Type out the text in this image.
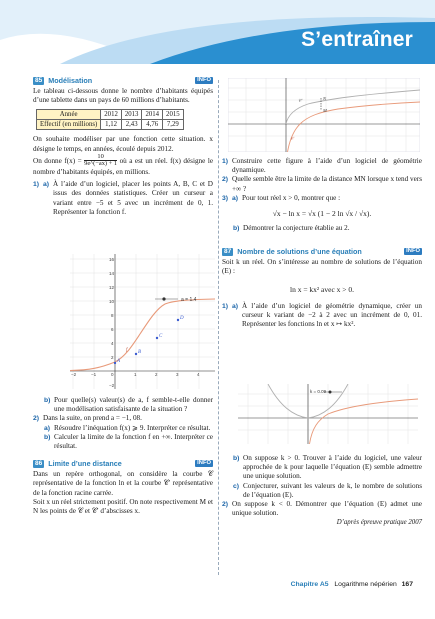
S’entraîner
85 Modélisation	INFO

Le tableau ci-dessous donne le nombre d’habitants équipés d’une tablette dans un pays de 60 millions d’habitants.

Année	2012	2013	2014	2015
Effectif (en millions)	1,12	2,43	4,76	7,29

On souhaite modéliser par une fonction cette situation. x désigne le temps, en années, écoulé depuis 2012.

On donne $f(x) = \frac{10}{9e\^{}(-ax) + 1}$ où a est un réel. f(x) désigne le nombre d’habitants équipés, en millions.

1) a) À l’aide d’un logiciel, placer les points A, B, C et D issus des données statistiques. Créer un curseur a variant entre −5 et 5 avec un incrément de 0, 1. Représenter la fonction f.
a = 1.4
A
B
C
D
f
16
14
12
10
8
6
4
2
0
−2
−2	−1	1	2	3	4
b) Pour quelle(s) valeur(s) de a, f semble-t-elle donner une modélisation satisfaisante de la situation ?
2) Dans la suite, on prend a = −1, 08.
a) Résoudre l’inéquation f(x) ⩾ 9. Interpréter ce résultat.
b) Calculer la limite de la fonction f en +∞. Interpréter ce résultat.
86 Limite d’une distance	INFO

Dans un repère orthogonal, on considère la courbe 𝒞 représentative de la fonction ln et la courbe 𝒞′ représentative de la fonction racine carrée.

Soit x un réel strictement positif. On note respectivement M et N les points de 𝒞 et 𝒞′ d’abscisses x.

N
M
𝒞′
𝒞
1) Construire cette figure à l’aide d’un logiciel de géométrie dynamique.
2) Quelle semble être la limite de la distance MN lorsque x tend vers +∞ ?
3) a) Pour tout réel x > 0, montrer que :
√x − ln x = √x (1 − 2 ln √x / √x).
b) Démontrer la conjecture établie au 2.
87 Nombre de solutions d’une équation	INFO

Soit k un réel. On s’intéresse au nombre de solutions de l’équation (E) :

ln x = kx² avec x > 0.
1) a) À l’aide d’un logiciel de géométrie dynamique, créer un curseur k variant de −2 à 2 avec un incrément de 0, 01. Représenter les fonctions ln et x ↦ kx².
k = 0.09
b) On suppose k > 0. Trouver à l’aide du logiciel, une valeur approchée de k pour laquelle l’équation (E) semble admettre une unique solution.
c) Conjecturer, suivant les valeurs de k, le nombre de solutions de l’équation (E).
2) On suppose k < 0. Démontrer que l’équation (E) admet une unique solution.
D’après épreuve pratique 2007
Chapitre A5 Logarithme népérien 167
